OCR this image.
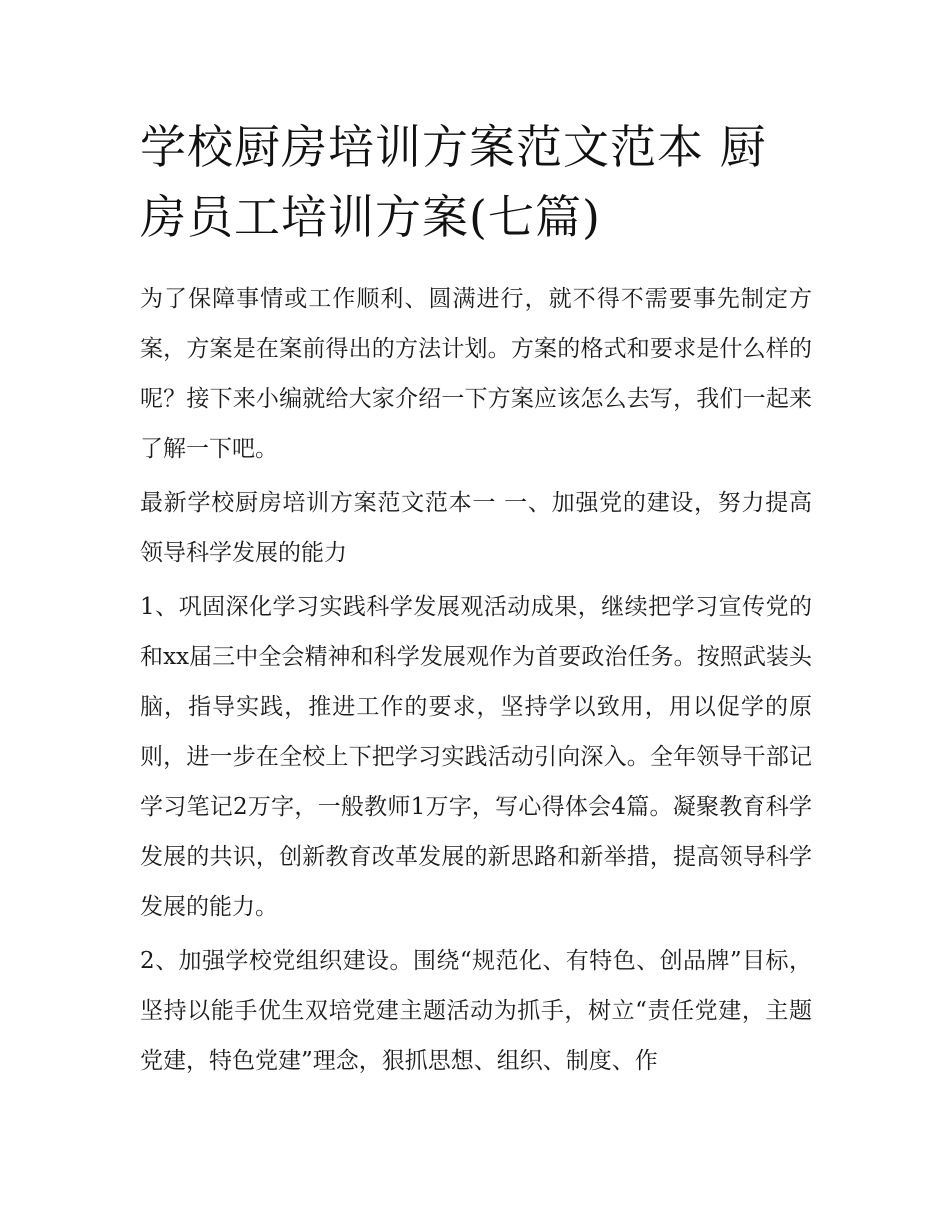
学校厨房培训方案范文范本 厨房员工培训方案(七篇)

为了保障事情或工作顺利、圆满进行，就不得不需要事先制定方案，方案是在案前得出的方法计划。方案的格式和要求是什么样的呢？接下来小编就给大家介绍一下方案应该怎么去写，我们一起来了解一下吧。

最新学校厨房培训方案范文范本一 一、加强党的建设，努力提高领导科学发展的能力

1、巩固深化学习实践科学发展观活动成果，继续把学习宣传党的和xx届三中全会精神和科学发展观作为首要政治任务。按照武装头脑，指导实践，推进工作的要求，坚持学以致用，用以促学的原则，进一步在全校上下把学习实践活动引向深入。全年领导干部记学习笔记2万字，一般教师1万字，写心得体会4篇。凝聚教育科学发展的共识，创新教育改革发展的新思路和新举措，提高领导科学发展的能力。

2、加强学校党组织建设。围绕“规范化、有特色、创品牌”目标，坚持以能手优生双培党建主题活动为抓手，树立“责任党建，主题党建，特色党建”理念，狠抓思想、组织、制度、作
